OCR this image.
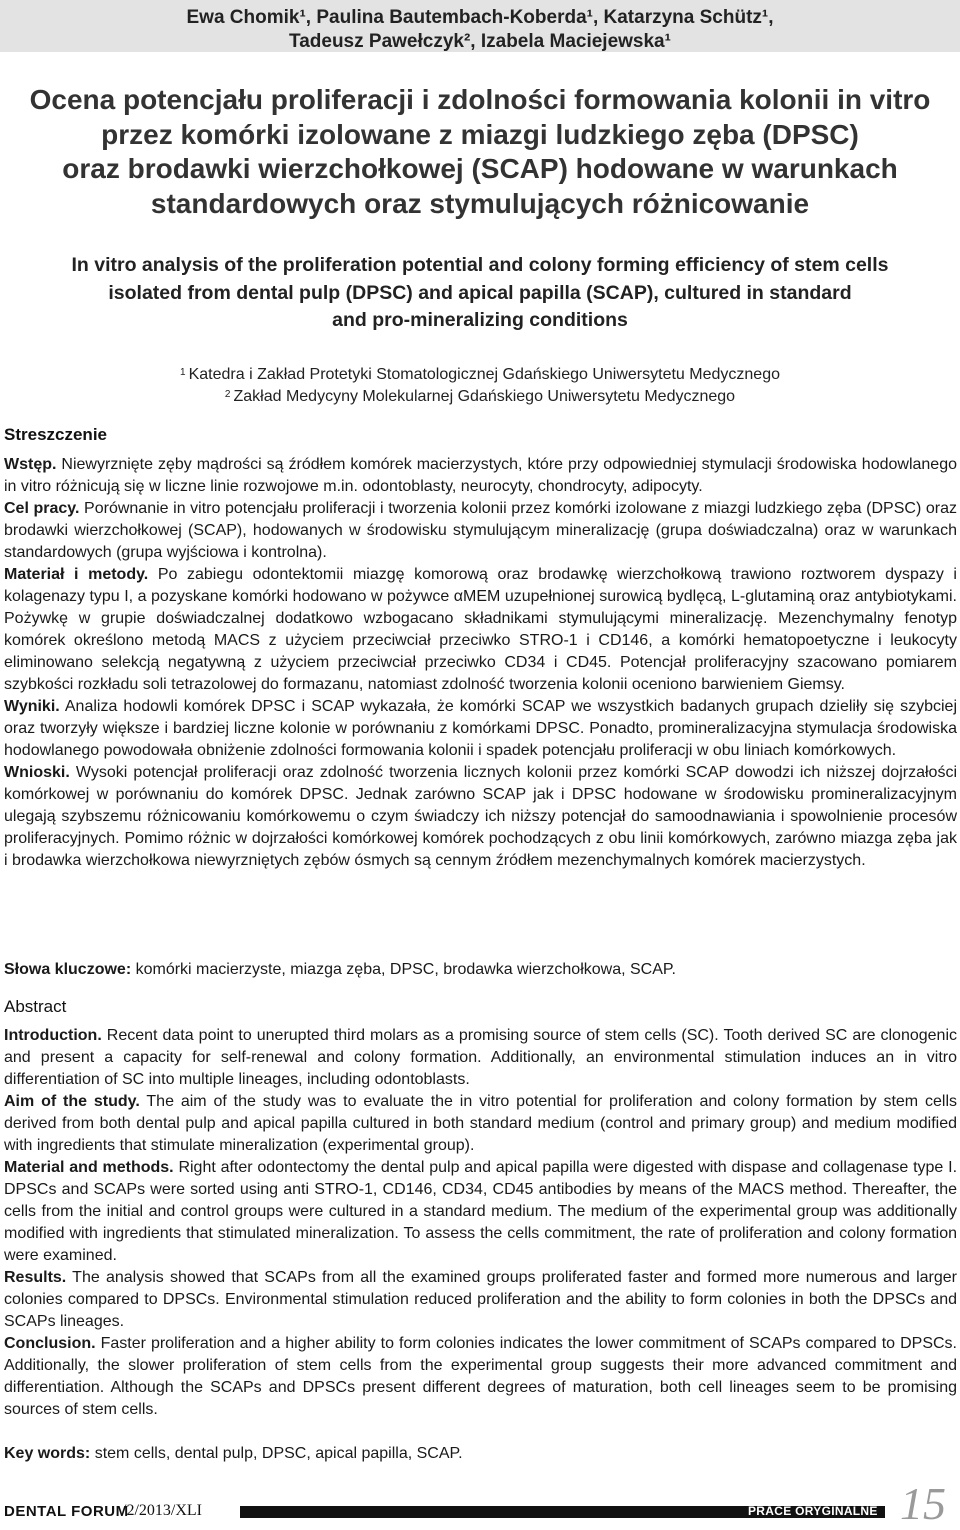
Ewa Chomik¹, Paulina Bautembach-Koberda¹, Katarzyna Schütz¹,
Tadeusz Pawełczyk², Izabela Maciejewska¹
Ocena potencjału proliferacji i zdolności formowania kolonii in vitro
przez komórki izolowane z miazgi ludzkiego zęba (DPSC)
oraz brodawki wierzchołkowej (SCAP) hodowane w warunkach
standardowych oraz stymulujących różnicowanie
In vitro analysis of the proliferation potential and colony forming efficiency of stem cells
isolated from dental pulp (DPSC) and apical papilla (SCAP), cultured in standard
and pro-mineralizing conditions
$^1$ Katedra i Zakład Protetyki Stomatologicznej Gdańskiego Uniwersytetu Medycznego
$^2$ Zakład Medycyny Molekularnej Gdańskiego Uniwersytetu Medycznego
Streszczenie

Wstęp. Niewyrznięte zęby mądrości są źródłem komórek macierzystych, które przy odpowiedniej stymulacji środowiska hodowlanego in vitro różnicują się w liczne linie rozwojowe m.in. odontoblasty, neurocyty, chondrocyty, adipocyty.

Cel pracy. Porównanie in vitro potencjału proliferacji i tworzenia kolonii przez komórki izolowane z miazgi ludzkiego zęba (DPSC) oraz brodawki wierzchołkowej (SCAP), hodowanych w środowisku stymulującym mineralizację (grupa doświadczalna) oraz w warunkach standardowych (grupa wyjściowa i kontrolna).

Materiał i metody. Po zabiegu odontektomii miazgę komorową oraz brodawkę wierzchołkową trawiono roztworem dyspazy i kolagenazy typu I, a pozyskane komórki hodowano w pożywce αMEM uzupełnionej surowicą bydlęcą, L-glutaminą oraz antybiotykami. Pożywkę w grupie doświadczalnej dodatkowo wzbogacano składnikami stymulującymi mineralizację. Mezenchymalny fenotyp komórek określono metodą MACS z użyciem przeciwciał przeciwko STRO-1 i CD146, a komórki hematopoetyczne i leukocyty eliminowano selekcją negatywną z użyciem przeciwciał przeciwko CD34 i CD45. Potencjał proliferacyjny szacowano pomiarem szybkości rozkładu soli tetrazolowej do formazanu, natomiast zdolność tworzenia kolonii oceniono barwieniem Giemsy.

Wyniki. Analiza hodowli komórek DPSC i SCAP wykazała, że komórki SCAP we wszystkich badanych grupach dzieliły się szybciej oraz tworzyły większe i bardziej liczne kolonie w porównaniu z komórkami DPSC. Ponadto, promineralizacyjna stymulacja środowiska hodowlanego powodowała obniżenie zdolności formowania kolonii i spadek potencjału proliferacji w obu liniach komórkowych.

Wnioski. Wysoki potencjał proliferacji oraz zdolność tworzenia licznych kolonii przez komórki SCAP dowodzi ich niższej dojrzałości komórkowej w porównaniu do komórek DPSC. Jednak zarówno SCAP jak i DPSC hodowane w środowisku promineralizacyjnym ulegają szybszemu różnicowaniu komórkowemu o czym świadczy ich niższy potencjał do samoodnawiania i spowolnienie procesów proliferacyjnych. Pomimo różnic w dojrzałości komórkowej komórek pochodzących z obu linii komórkowych, zarówno miazga zęba jak i brodawka wierzchołkowa niewyrzniętych zębów ósmych są cennym źródłem mezenchymalnych komórek macierzystych.

Słowa kluczowe: komórki macierzyste, miazga zęba, DPSC, brodawka wierzchołkowa, SCAP.

Abstract

Introduction. Recent data point to unerupted third molars as a promising source of stem cells (SC). Tooth derived SC are clonogenic and present a capacity for self-renewal and colony formation. Additionally, an environmental stimulation induces an in vitro differentiation of SC into multiple lineages, including odontoblasts.

Aim of the study. The aim of the study was to evaluate the in vitro potential for proliferation and colony formation by stem cells derived from both dental pulp and apical papilla cultured in both standard medium (control and primary group) and medium modified with ingredients that stimulate mineralization (experimental group).

Material and methods. Right after odontectomy the dental pulp and apical papilla were digested with dispase and collagenase type I. DPSCs and SCAPs were sorted using anti STRO-1, CD146, CD34, CD45 antibodies by means of the MACS method. Thereafter, the cells from the initial and control groups were cultured in a standard medium. The medium of the experimental group was additionally modified with ingredients that stimulated mineralization. To assess the cells commitment, the rate of proliferation and colony formation were examined.

Results. The analysis showed that SCAPs from all the examined groups proliferated faster and formed more numerous and larger colonies compared to DPSCs. Environmental stimulation reduced proliferation and the ability to form colonies in both the DPSCs and SCAPs lineages.

Conclusion. Faster proliferation and a higher ability to form colonies indicates the lower commitment of SCAPs compared to DPSCs. Additionally, the slower proliferation of stem cells from the experimental group suggests their more advanced commitment and differentiation. Although the SCAPs and DPSCs present different degrees of maturation, both cell lineages seem to be promising sources of stem cells.

Key words: stem cells, dental pulp, DPSC, apical papilla, SCAP.

DENTAL FORUM
/2/2013/XLI	PRACE ORYGINALNE 15
